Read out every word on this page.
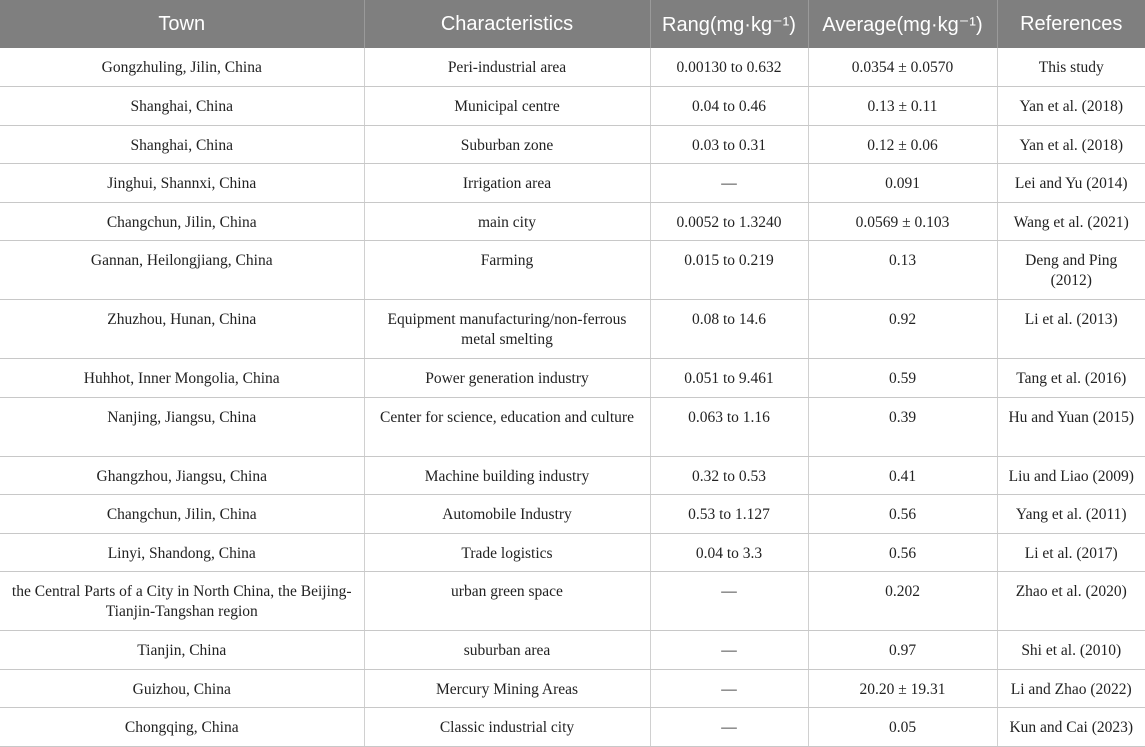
Town	Characteristics	Rang(mg·kg⁻¹)	Average(mg·kg⁻¹)	References
Gongzhuling, Jilin, China	Peri-industrial area	0.00130 to 0.632	0.0354 ± 0.0570	This study
Shanghai, China	Municipal centre	0.04 to 0.46	0.13 ± 0.11	Yan et al. (2018)
Shanghai, China	Suburban zone	0.03 to 0.31	0.12 ± 0.06	Yan et al. (2018)
Jinghui, Shannxi, China	Irrigation area	—	0.091	Lei and Yu (2014)
Changchun, Jilin, China	main city	0.0052 to 1.3240	0.0569 ± 0.103	Wang et al. (2021)
Gannan, Heilongjiang, China	Farming	0.015 to 0.219	0.13	Deng and Ping (2012)
Zhuzhou, Hunan, China	Equipment manufacturing/non-ferrous metal smelting	0.08 to 14.6	0.92	Li et al. (2013)
Huhhot, Inner Mongolia, China	Power generation industry	0.051 to 9.461	0.59	Tang et al. (2016)
Nanjing, Jiangsu, China	Center for science, education and culture	0.063 to 1.16	0.39	Hu and Yuan (2015)
Ghangzhou, Jiangsu, China	Machine building industry	0.32 to 0.53	0.41	Liu and Liao (2009)
Changchun, Jilin, China	Automobile Industry	0.53 to 1.127	0.56	Yang et al. (2011)
Linyi, Shandong, China	Trade logistics	0.04 to 3.3	0.56	Li et al. (2017)
the Central Parts of a City in North China, the Beijing-Tianjin-Tangshan region	urban green space	—	0.202	Zhao et al. (2020)
Tianjin, China	suburban area	—	0.97	Shi et al. (2010)
Guizhou, China	Mercury Mining Areas	—	20.20 ± 19.31	Li and Zhao (2022)
Chongqing, China	Classic industrial city	—	0.05	Kun and Cai (2023)
